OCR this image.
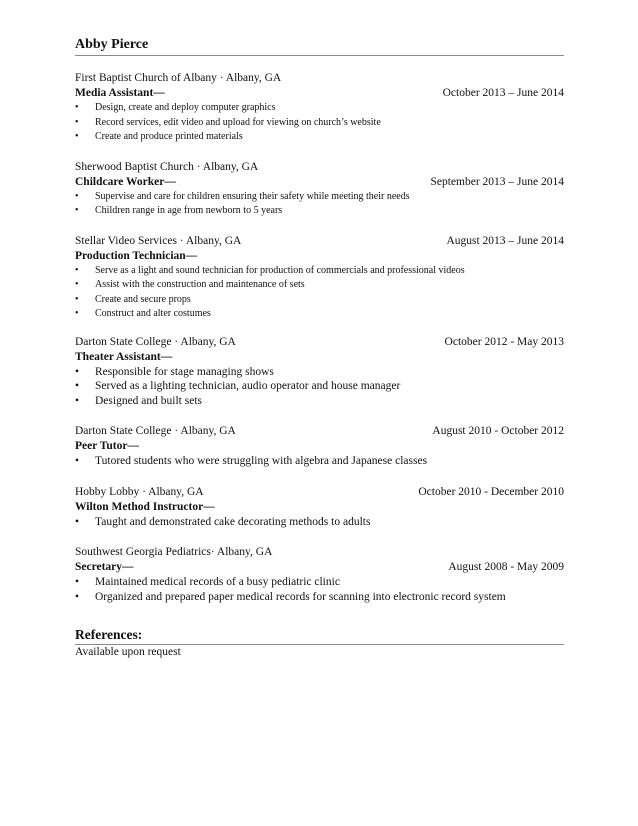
Abby Pierce
First Baptist Church of Albany · Albany, GA
Media Assistant—	October 2013 – June 2014
• Design, create and deploy computer graphics
• Record services, edit video and upload for viewing on church’s website
• Create and produce printed materials
Sherwood Baptist Church · Albany, GA
Childcare Worker—	September 2013 – June 2014
• Supervise and care for children ensuring their safety while meeting their needs
• Children range in age from newborn to 5 years
Stellar Video Services · Albany, GA	August 2013 – June 2014
Production Technician—
• Serve as a light and sound technician for production of commercials and professional videos
• Assist with the construction and maintenance of sets
• Create and secure props
• Construct and alter costumes
Darton State College · Albany, GA	October 2012 - May 2013
Theater Assistant—
• Responsible for stage managing shows
• Served as a lighting technician, audio operator and house manager
• Designed and built sets
Darton State College · Albany, GA	August 2010 - October 2012
Peer Tutor—
• Tutored students who were struggling with algebra and Japanese classes
Hobby Lobby · Albany, GA	October 2010 - December 2010
Wilton Method Instructor—
• Taught and demonstrated cake decorating methods to adults
Southwest Georgia Pediatrics· Albany, GA
Secretary—	August 2008 - May 2009
• Maintained medical records of a busy pediatric clinic
• Organized and prepared paper medical records for scanning into electronic record system
References:
Available upon request
